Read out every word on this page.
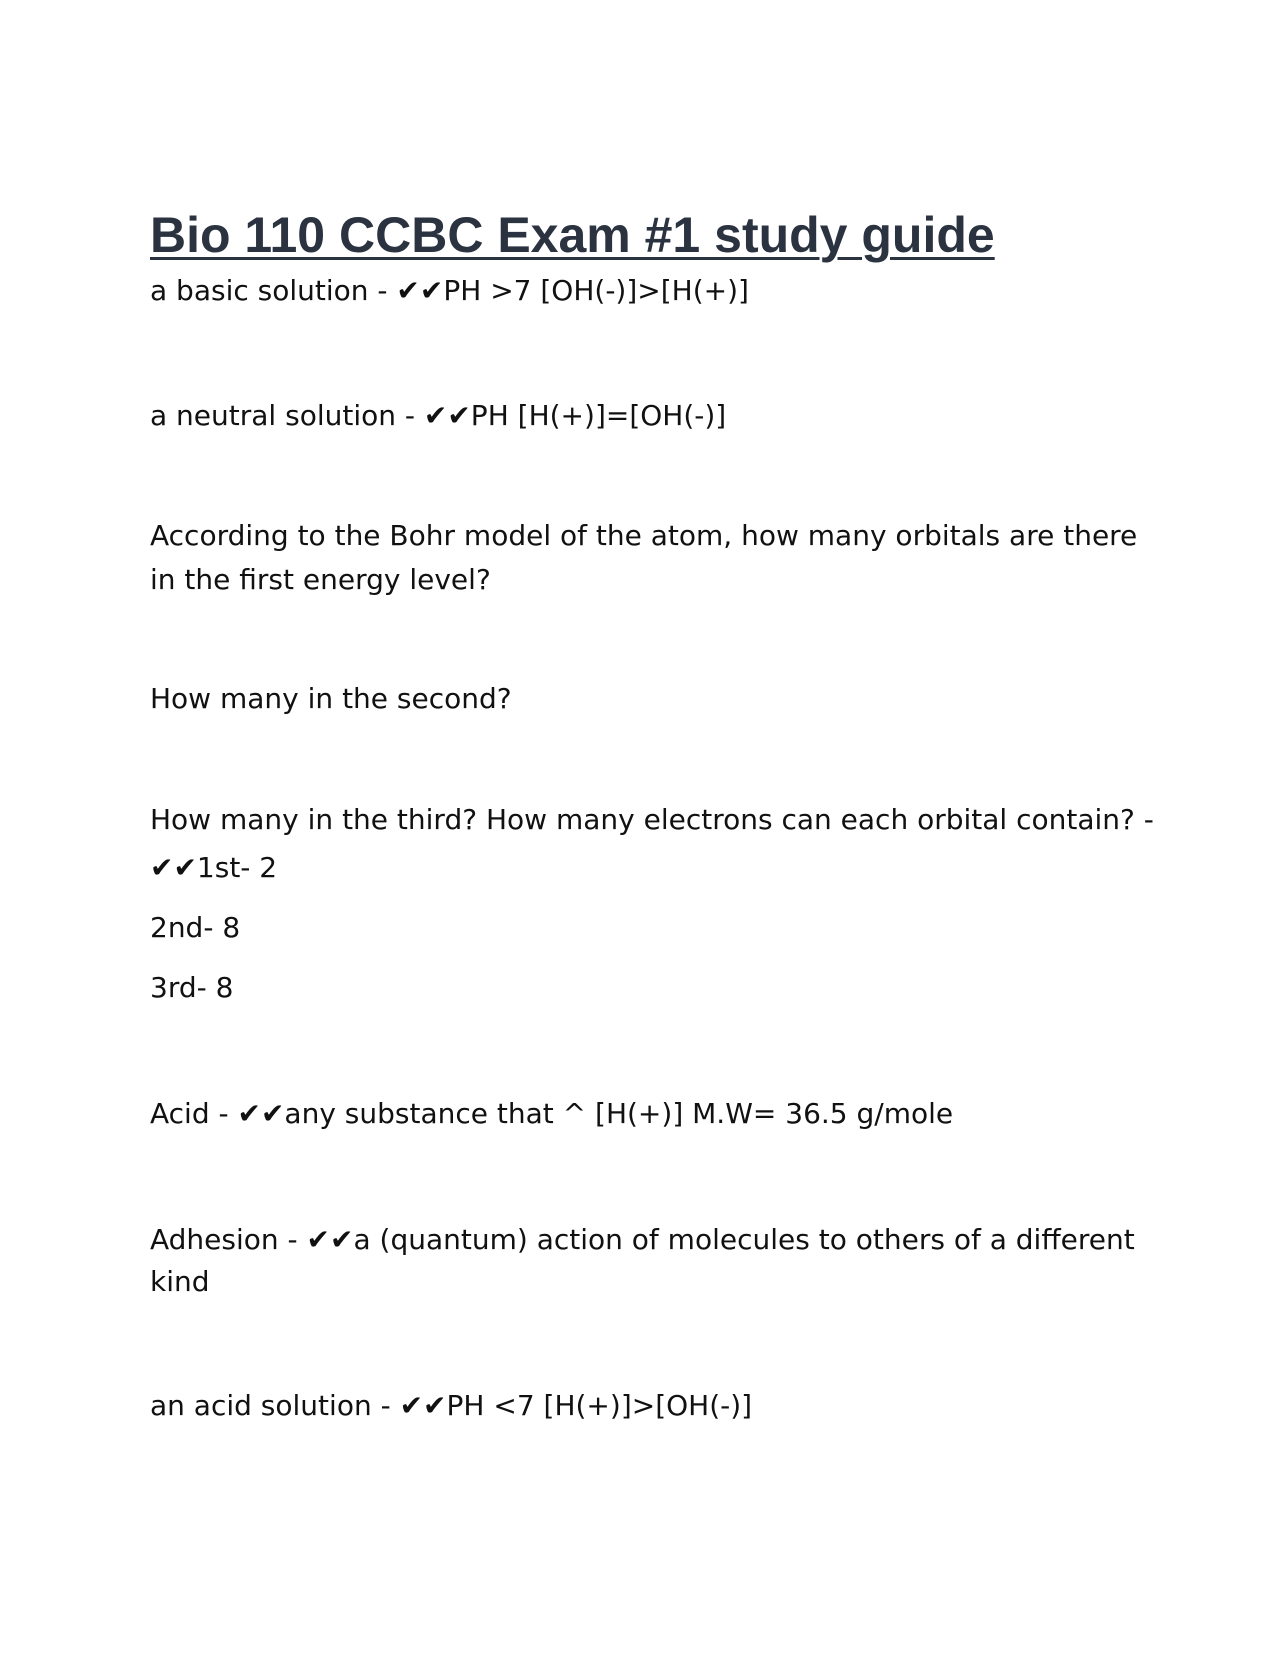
Bio 110 CCBC Exam #1 study guide

a basic solution - ✔✔PH >7 [OH(-)]>[H(+)]

a neutral solution - ✔✔PH [H(+)]=[OH(-)]

According to the Bohr model of the atom, how many orbitals are there

in the first energy level?

How many in the second?

How many in the third? How many electrons can each orbital contain? -

✔✔1st- 2

2nd- 8

3rd- 8

Acid - ✔✔any substance that ^ [H(+)] M.W= 36.5 g/mole

Adhesion - ✔✔a (quantum) action of molecules to others of a different

kind

an acid solution - ✔✔PH <7 [H(+)]>[OH(-)]
